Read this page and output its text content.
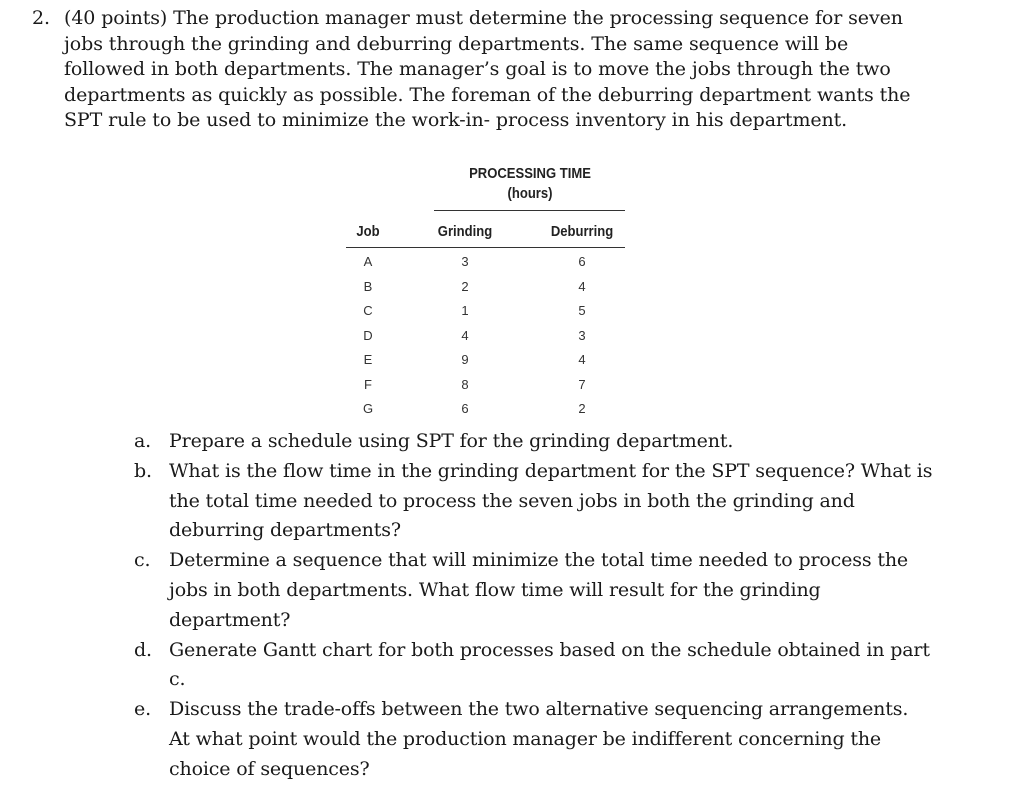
2. (40 points) The production manager must determine the processing sequence for seven jobs through the grinding and deburring departments. The same sequence will be followed in both departments. The manager’s goal is to move the jobs through the two departments as quickly as possible. The foreman of the deburring department wants the SPT rule to be used to minimize the work-in- process inventory in his department.
PROCESSING TIME
(hours)
Job	Grinding	Deburring
A	3	6
B	2	4
C	1	5
D	4	3
E	9	4
F	8	7
G	6	2
a. Prepare a schedule using SPT for the grinding department.
b. What is the flow time in the grinding department for the SPT sequence? What is the total time needed to process the seven jobs in both the grinding and deburring departments?
c. Determine a sequence that will minimize the total time needed to process the jobs in both departments. What flow time will result for the grinding department?
d. Generate Gantt chart for both processes based on the schedule obtained in part c.
e. Discuss the trade-offs between the two alternative sequencing arrangements. At what point would the production manager be indifferent concerning the choice of sequences?
